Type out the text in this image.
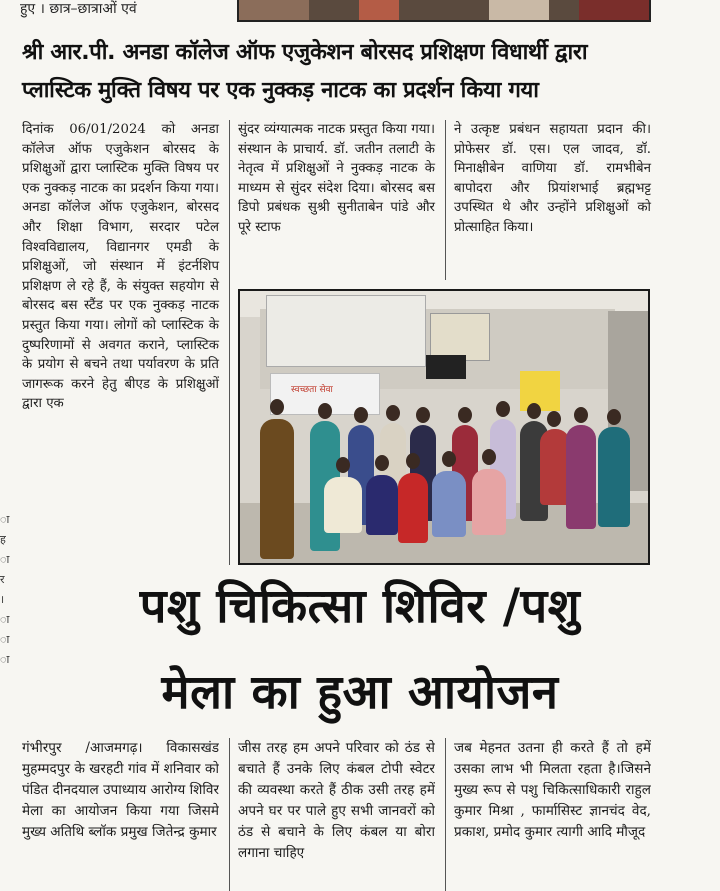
हुए । छात्र–छात्राओं एवं
श्री आर.पी. अनडा कॉलेज ऑफ एजुकेशन बोरसद प्रशिक्षण विधार्थी द्वारा प्लास्टिक मुक्ति विषय पर एक नुक्कड़ नाटक का प्रदर्शन किया गया
दिनांक 06/01/2024 को अनडा कॉलेज ऑफ एजुकेशन बोरसद के प्रशिक्षुओं द्वारा प्लास्टिक मुक्ति विषय पर एक नुक्कड़ नाटक का प्रदर्शन किया गया। अनडा कॉलेज ऑफ एजुकेशन, बोरसद और शिक्षा विभाग, सरदार पटेल विश्वविद्यालय, विद्यानगर एमडी के प्रशिक्षुओं, जो संस्थान में इंटर्नशिप प्रशिक्षण ले रहे हैं, के संयुक्त सहयोग से बोरसद बस स्टैंड पर एक नुक्कड़ नाटक प्रस्तुत किया गया। लोगों को प्लास्टिक के दुष्परिणामों से अवगत कराने, प्लास्टिक के प्रयोग से बचने तथा पर्यावरण के प्रति जागरूक करने हेतु बीएड के प्रशिक्षुओं द्वारा एक
सुंदर व्यंग्यात्मक नाटक प्रस्तुत किया गया। संस्थान के प्राचार्य. डॉ. जतीन तलाटी के नेतृत्व में प्रशिक्षुओं ने नुक्कड़ नाटक के माध्यम से सुंदर संदेश दिया। बोरसद बस डिपो प्रबंधक सुश्री सुनीताबेन पांडे और पूरे स्टाफ
ने उत्कृष्ट प्रबंधन सहायता प्रदान की। प्रोफेसर डॉ. एस। एल जादव, डॉ. मिनाक्षीबेन वाणिया डॉ. रामभीबेन बापोदरा और प्रियांशभाई ब्रह्मभट्ट उपस्थित थे और उन्होंने प्रशिक्षुओं को प्रोत्साहित किया।
स्वच्छता सेवा
ा ह ा र । ा ा ा
पशु चिकित्सा शिविर /पशु
मेला का हुआ आयोजन
गंभीरपुर /आजमगढ़। विकासखंड मुहम्मदपुर के खरहटी गांव में शनिवार को पंडित दीनदयाल उपाध्याय आरोग्य शिविर मेला का आयोजन किया गया जिसमे मुख्य अतिथि ब्लॉक प्रमुख जितेन्द्र कुमार
जीस तरह हम अपने परिवार को ठंड से बचाते हैं उनके लिए कंबल टोपी स्वेटर की व्यवस्था करते हैं ठीक उसी तरह हमें अपने घर पर पाले हुए सभी जानवरों को ठंड से बचाने के लिए कंबल या बोरा लगाना चाहिए
जब मेहनत उतना ही करते हैं तो हमें उसका लाभ भी मिलता रहता है।जिसने मुख्य रूप से पशु चिकित्साधिकारी राहुल कुमार मिश्रा , फार्मासिस्ट ज्ञानचंद वेद, प्रकाश, प्रमोद कुमार त्यागी आदि मौजूद
